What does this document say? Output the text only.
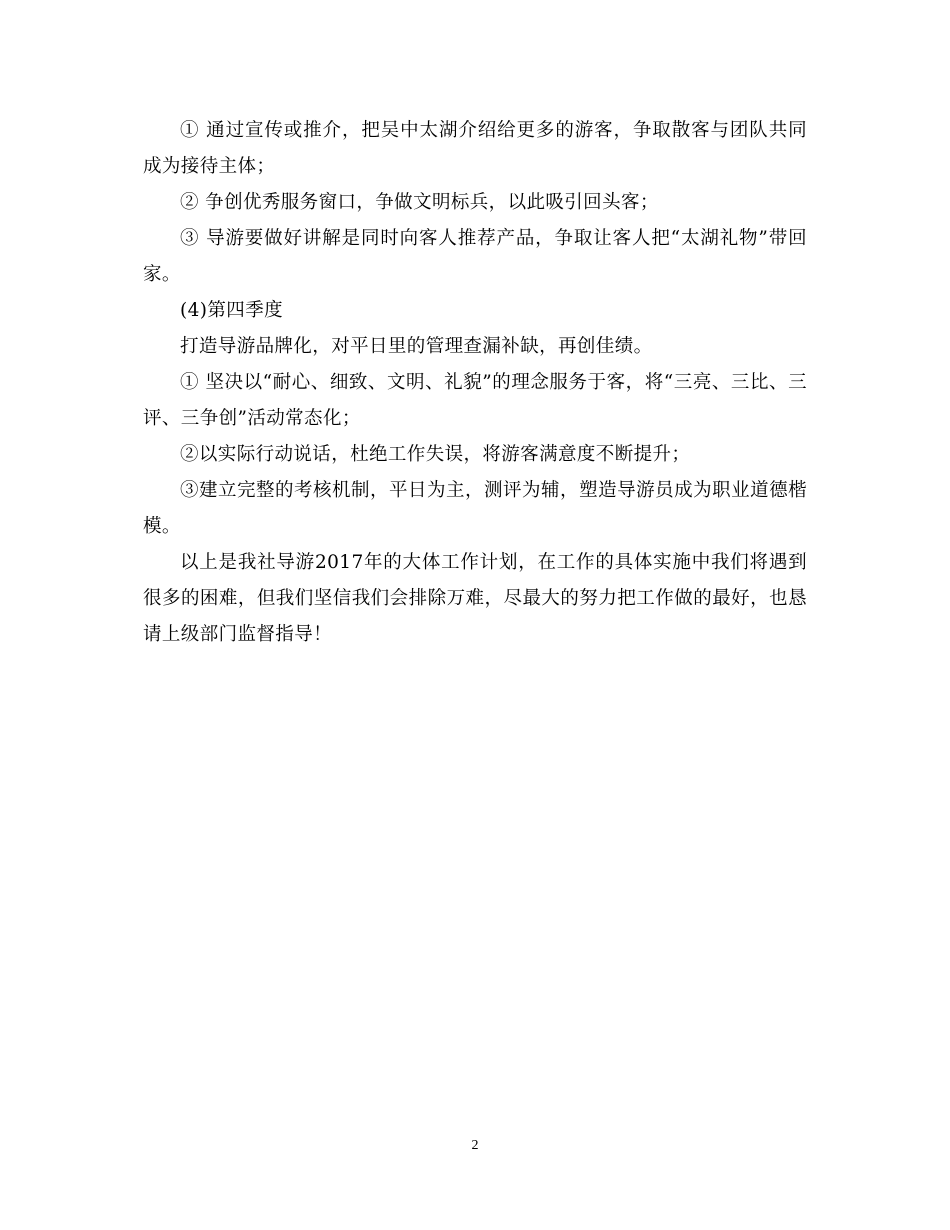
① 通过宣传或推介，把吴中太湖介绍给更多的游客，争取散客与团队共同成为接待主体；

② 争创优秀服务窗口，争做文明标兵，以此吸引回头客；

③ 导游要做好讲解是同时向客人推荐产品，争取让客人把“太湖礼物”带回家。

(4)第四季度

打造导游品牌化，对平日里的管理查漏补缺，再创佳绩。

① 坚决以“耐心、细致、文明、礼貌”的理念服务于客，将“三亮、三比、三评、三争创”活动常态化；

②以实际行动说话，杜绝工作失误，将游客满意度不断提升；

③建立完整的考核机制，平日为主，测评为辅，塑造导游员成为职业道德楷模。

以上是我社导游2017年的大体工作计划，在工作的具体实施中我们将遇到很多的困难，但我们坚信我们会排除万难，尽最大的努力把工作做的最好，也恳请上级部门监督指导！

2
